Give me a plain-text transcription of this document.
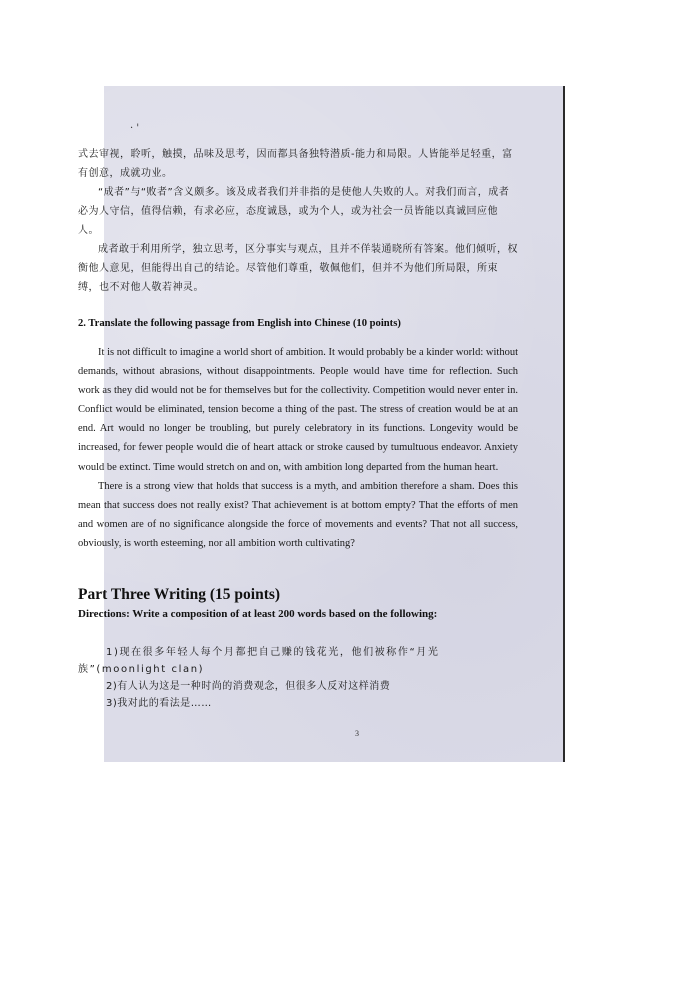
· '

式去审视，聆听，触摸，品味及思考，因而都具备独特潜质-能力和局限。人皆能举足轻重，富有创意，成就功业。

“成者”与“败者”含义颇多。该及成者我们并非指的是使他人失败的人。对我们而言，成者必为人守信，值得信赖，有求必应，态度诚恳，或为个人，或为社会一员皆能以真诚回应他人。

成者敢于利用所学，独立思考，区分事实与观点，且并不佯装通晓所有答案。他们倾听，权衡他人意见，但能得出自己的结论。尽管他们尊重，敬佩他们，但并不为他们所局限，所束缚，也不对他人敬若神灵。

2. Translate the following passage from English into Chinese (10 points)

It is not difficult to imagine a world short of ambition. It would probably be a kinder world: without demands, without abrasions, without disappointments. People would have time for reflection. Such work as they did would not be for themselves but for the collectivity. Competition would never enter in. Conflict would be eliminated, tension become a thing of the past. The stress of creation would be at an end. Art would no longer be troubling, but purely celebratory in its functions. Longevity would be increased, for fewer people would die of heart attack or stroke caused by tumultuous endeavor. Anxiety would be extinct. Time would stretch on and on, with ambition long departed from the human heart.

There is a strong view that holds that success is a myth, and ambition therefore a sham. Does this mean that success does not really exist? That achievement is at bottom empty? That the efforts of men and women are of no significance alongside the force of movements and events? That not all success, obviously, is worth esteeming, nor all ambition worth cultivating?

Part Three Writing (15 points)
Directions: Write a composition of at least 200 words based on the following:

1)现在很多年轻人每个月都把自己赚的钱花光，他们被称作“月光族”(moonlight clan)

2)有人认为这是一种时尚的消费观念，但很多人反对这样消费

3)我对此的看法是……

3
